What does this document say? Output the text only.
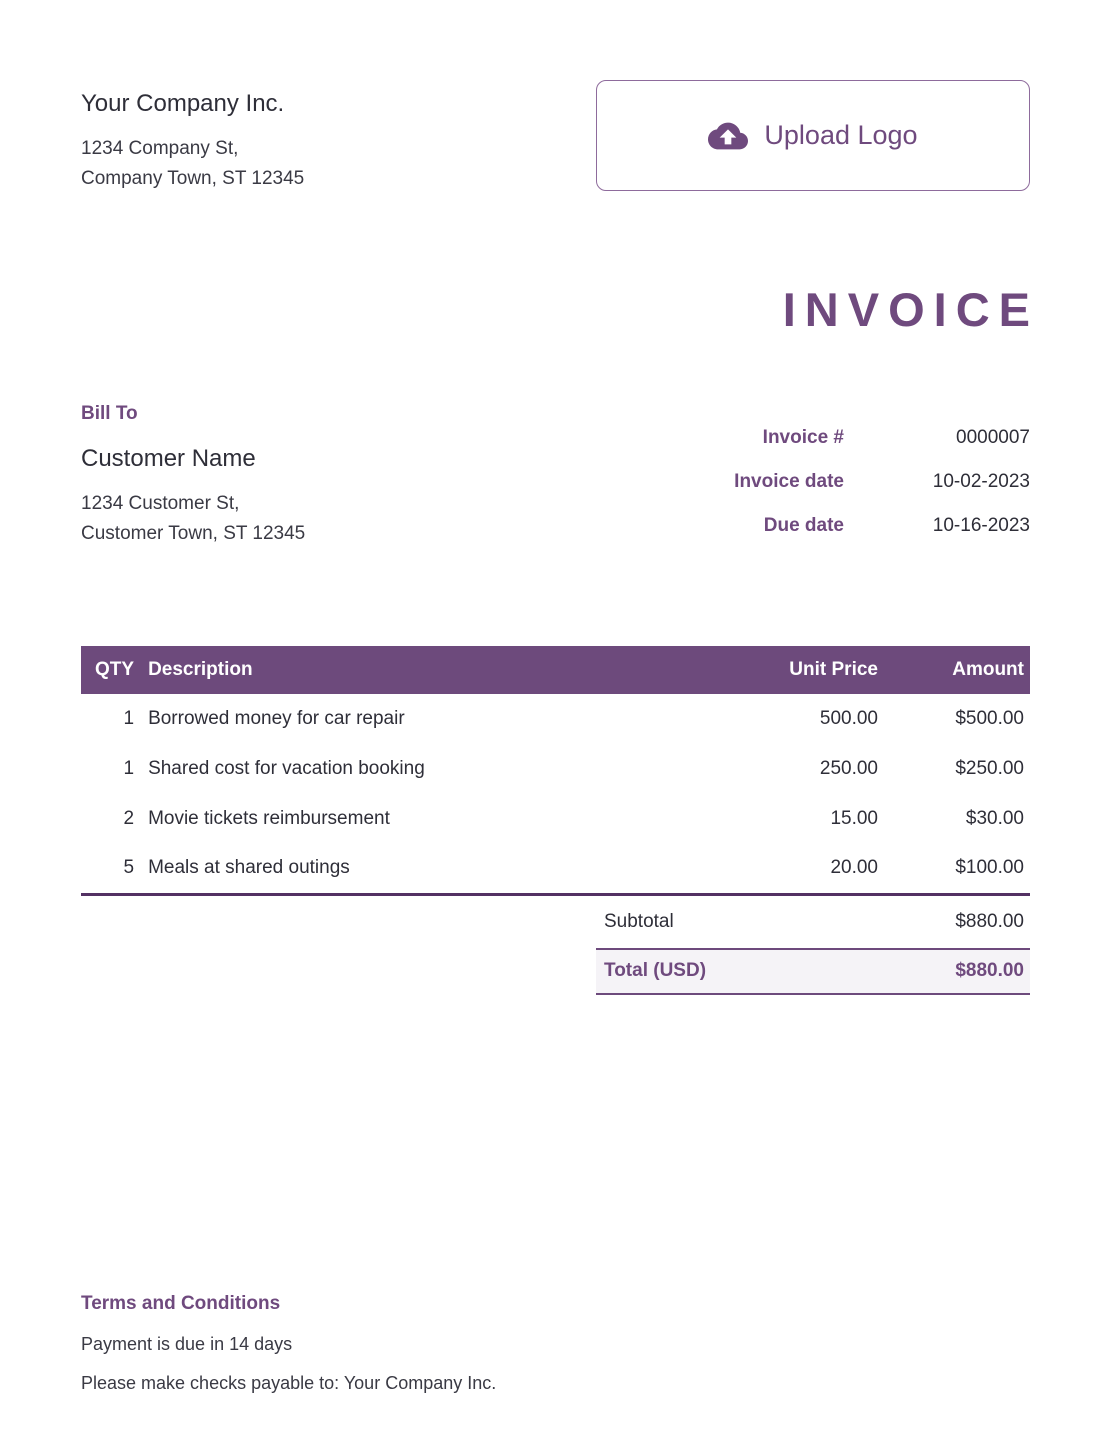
Your Company Inc.
1234 Company St,
Company Town, ST 12345
Upload Logo
INVOICE
Bill To
Customer Name
1234 Customer St,
Customer Town, ST 12345
Invoice #	0000007
Invoice date	10-02-2023
Due date	10-16-2023
QTY	Description	Unit Price	Amount
1	Borrowed money for car repair	500.00	$500.00
1	Shared cost for vacation booking	250.00	$250.00
2	Movie tickets reimbursement	15.00	$30.00
5	Meals at shared outings	20.00	$100.00
Subtotal	$880.00
Total (USD)	$880.00
Terms and Conditions
Payment is due in 14 days
Please make checks payable to: Your Company Inc.
